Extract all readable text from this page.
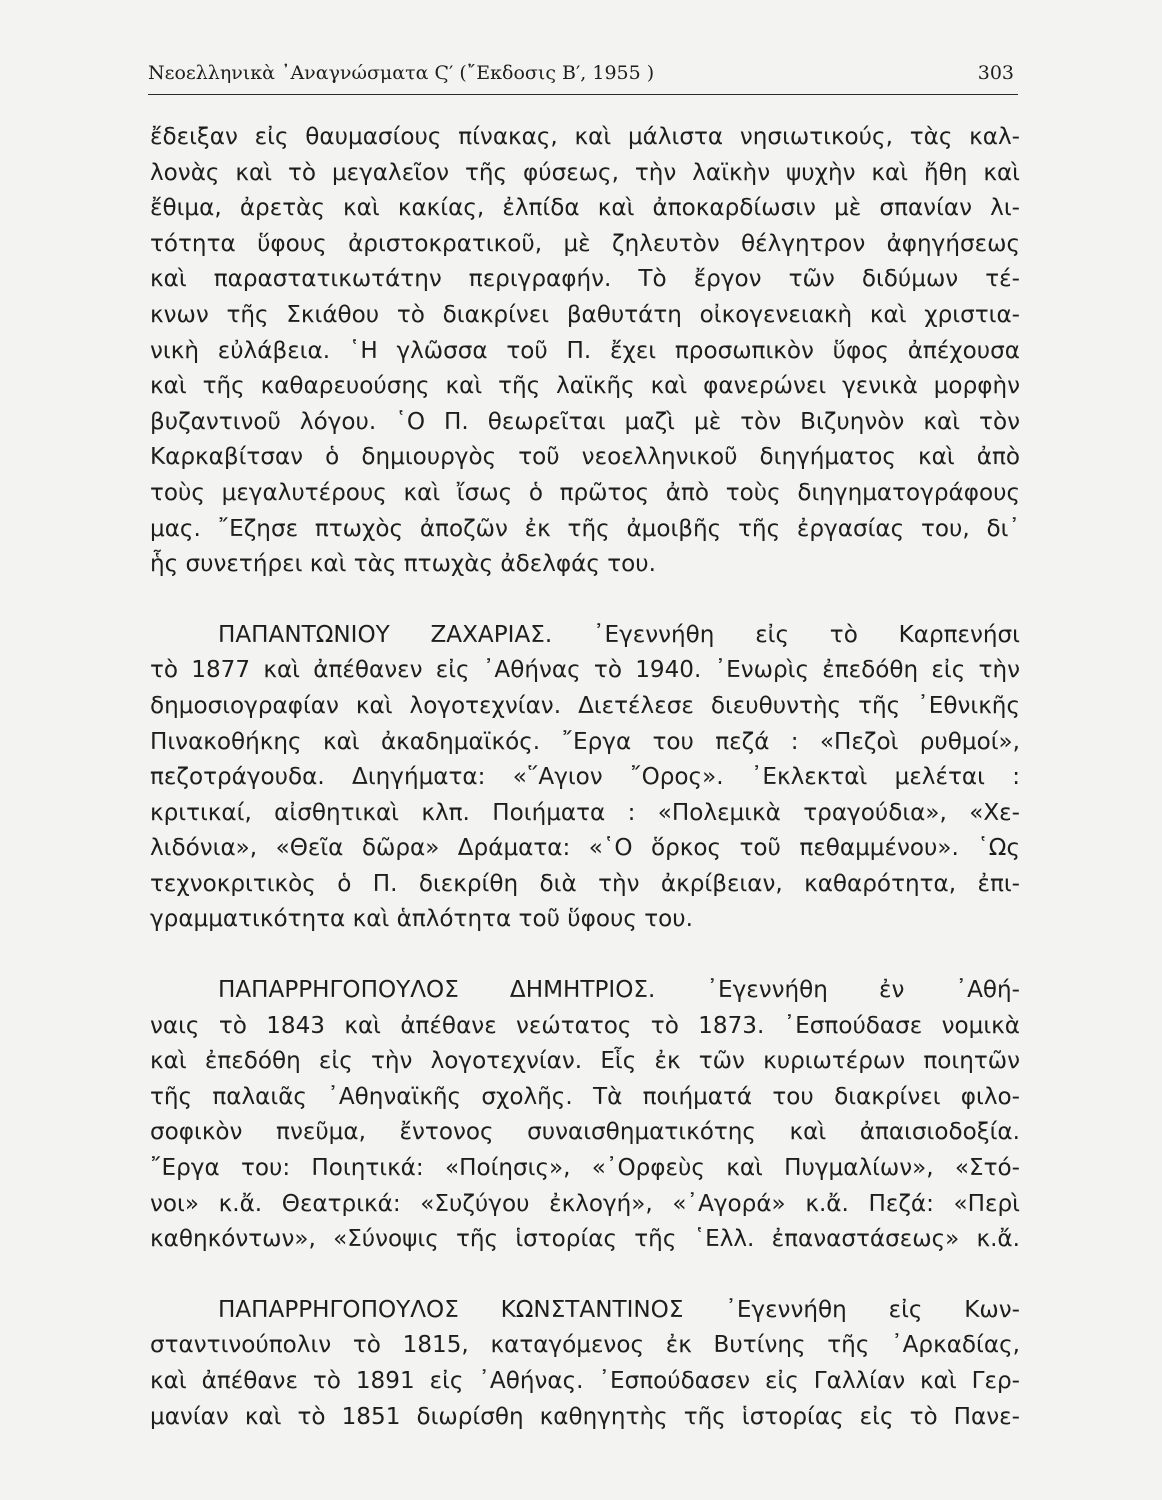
Νεοελληνικὰ ᾿Αναγνώσματα Ϛ′ (῎Εκδοσις Β′, 1955 )	303
ἔδειξαν εἰς θαυμασίους πίνακας, καὶ μάλιστα νησιωτικούς, τὰς καλ-
λονὰς καὶ τὸ μεγαλεῖον τῆς φύσεως, τὴν λαϊκὴν ψυχὴν καὶ ἤθη καὶ
ἔθιμα, ἀρετὰς καὶ κακίας, ἐλπίδα καὶ ἀποκαρδίωσιν μὲ σπανίαν λι-
τότητα ὕφους ἀριστοκρατικοῦ, μὲ ζηλευτὸν θέλγητρον ἀφηγήσεως
καὶ παραστατικωτάτην περιγραφήν. Τὸ ἔργον τῶν διδύμων τέ-
κνων τῆς Σκιάθου τὸ διακρίνει βαθυτάτη οἰκογενειακὴ καὶ χριστια-
νικὴ εὐλάβεια. ῾Η γλῶσσα τοῦ Π. ἔχει προσωπικὸν ὕφος ἀπέχουσα
καὶ τῆς καθαρευούσης καὶ τῆς λαϊκῆς καὶ φανερώνει γενικὰ μορφὴν
βυζαντινοῦ λόγου. ῾Ο Π. θεωρεῖται μαζὶ μὲ τὸν Βιζυηνὸν καὶ τὸν
Καρκαβίτσαν ὁ δημιουργὸς τοῦ νεοελληνικοῦ διηγήματος καὶ ἀπὸ
τοὺς μεγαλυτέρους καὶ ἴσως ὁ πρῶτος ἀπὸ τοὺς διηγηματογράφους
μας. ῎Εζησε πτωχὸς ἀποζῶν ἐκ τῆς ἀμοιβῆς τῆς ἐργασίας του, δι᾿
ἧς συνετήρει καὶ τὰς πτωχὰς ἀδελφάς του.
ΠΑΠΑΝΤΩΝΙΟΥ ΖΑΧΑΡΙΑΣ. ᾿Εγεννήθη εἰς τὸ Καρπενήσι
τὸ 1877 καὶ ἀπέθανεν εἰς ᾿Αθήνας τὸ 1940. ᾿Ενωρὶς ἐπεδόθη εἰς τὴν
δημοσιογραφίαν καὶ λογοτεχνίαν. Διετέλεσε διευθυντὴς τῆς ᾿Εθνικῆς
Πινακοθήκης καὶ ἀκαδημαϊκός. ῎Εργα του πεζά : «Πεζοὶ ρυθμοί»,
πεζοτράγουδα. Διηγήματα: «῞Αγιον ῎Ορος». ᾿Εκλεκταὶ μελέται :
κριτικαί, αἰσθητικαὶ κλπ. Ποιήματα : «Πολεμικὰ τραγούδια», «Χε-
λιδόνια», «Θεῖα δῶρα» Δράματα: «῾Ο ὅρκος τοῦ πεθαμμένου». ῾Ως
τεχνοκριτικὸς ὁ Π. διεκρίθη διὰ τὴν ἀκρίβειαν, καθαρότητα, ἐπι-
γραμματικότητα καὶ ἁπλότητα τοῦ ὕφους του.
ΠΑΠΑΡΡΗΓΟΠΟΥΛΟΣ ΔΗΜΗΤΡΙΟΣ. ᾿Εγεννήθη ἐν ᾿Αθή-
ναις τὸ 1843 καὶ ἀπέθανε νεώτατος τὸ 1873. ᾿Εσπούδασε νομικὰ
καὶ ἐπεδόθη εἰς τὴν λογοτεχνίαν. Εἷς ἐκ τῶν κυριωτέρων ποιητῶν
τῆς παλαιᾶς ᾿Αθηναϊκῆς σχολῆς. Τὰ ποιήματά του διακρίνει φιλο-
σοφικὸν πνεῦμα, ἔντονος συναισθηματικότης καὶ ἀπαισιοδοξία.
῎Εργα του: Ποιητικά: «Ποίησις», «᾿Ορφεὺς καὶ Πυγμαλίων», «Στό-
νοι» κ.ἄ. Θεατρικά: «Συζύγου ἐκλογή», «᾿Αγορά» κ.ἄ. Πεζά: «Περὶ
καθηκόντων», «Σύνοψις τῆς ἱστορίας τῆς ῾Ελλ. ἐπαναστάσεως» κ.ἄ.
ΠΑΠΑΡΡΗΓΟΠΟΥΛΟΣ ΚΩΝΣΤΑΝΤΙΝΟΣ ᾿Εγεννήθη εἰς Κων-
σταντινούπολιν τὸ 1815, καταγόμενος ἐκ Βυτίνης τῆς ᾿Αρκαδίας,
καὶ ἀπέθανε τὸ 1891 εἰς ᾿Αθήνας. ᾿Εσπούδασεν εἰς Γαλλίαν καὶ Γερ-
μανίαν καὶ τὸ 1851 διωρίσθη καθηγητὴς τῆς ἱστορίας εἰς τὸ Πανε-
